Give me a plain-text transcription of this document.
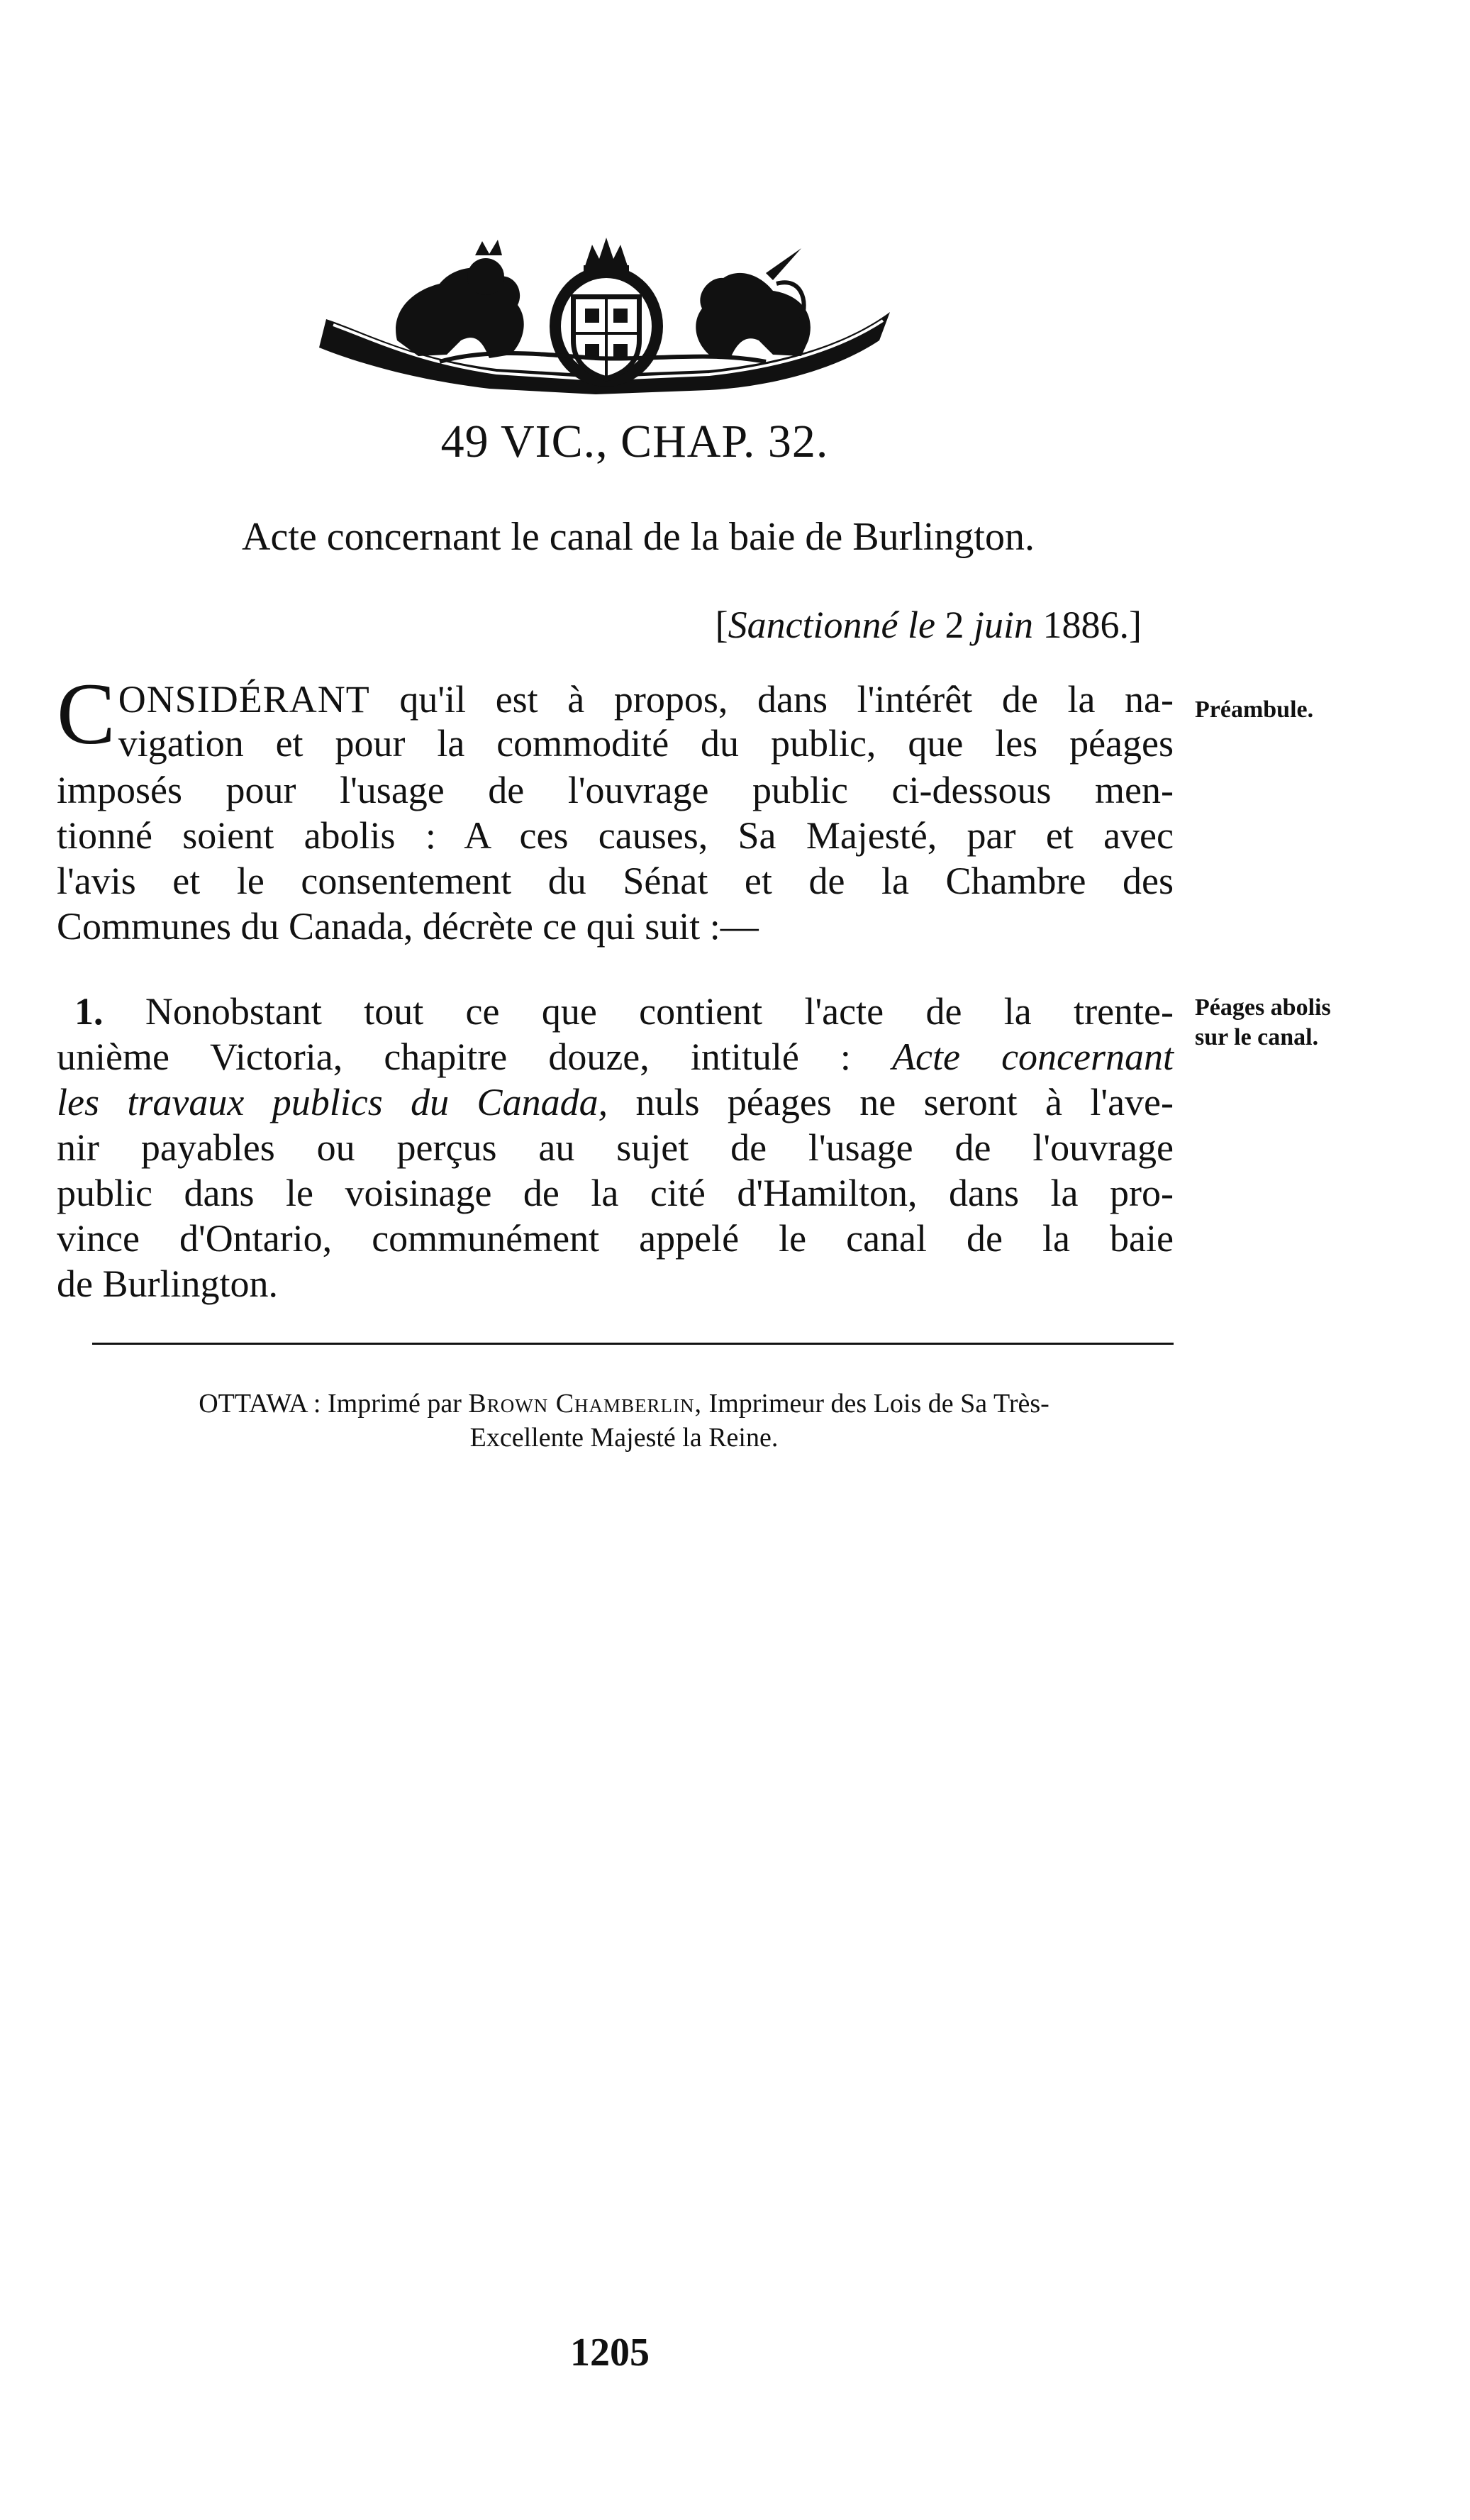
49 VIC., CHAP. 32.
Acte concernant le canal de la baie de Burlington.
[Sanctionné le 2 juin 1886.]
C ONSIDÉRANT qu'il est à propos, dans l'intérêt de la na-
vigation et pour la commodité du public, que les péages
imposés pour l'usage de l'ouvrage public ci-dessous men-
tionné soient abolis : A ces causes, Sa Majesté, par et avec
l'avis et le consentement du Sénat et de la Chambre des
Communes du Canada, décrète ce qui suit :—
Préambule.
1. Nonobstant tout ce que contient l'acte de la trente-
unième Victoria, chapitre douze, intitulé : Acte concernant
les travaux publics du Canada, nuls péages ne seront à l'ave-
nir payables ou perçus au sujet de l'usage de l'ouvrage
public dans le voisinage de la cité d'Hamilton, dans la pro-
vince d'Ontario, communément appelé le canal de la baie
de Burlington.
Péages abolis
sur le canal.
OTTAWA : Imprimé par Brown Chamberlin, Imprimeur des Lois de Sa Très-
Excellente Majesté la Reine.
1205
